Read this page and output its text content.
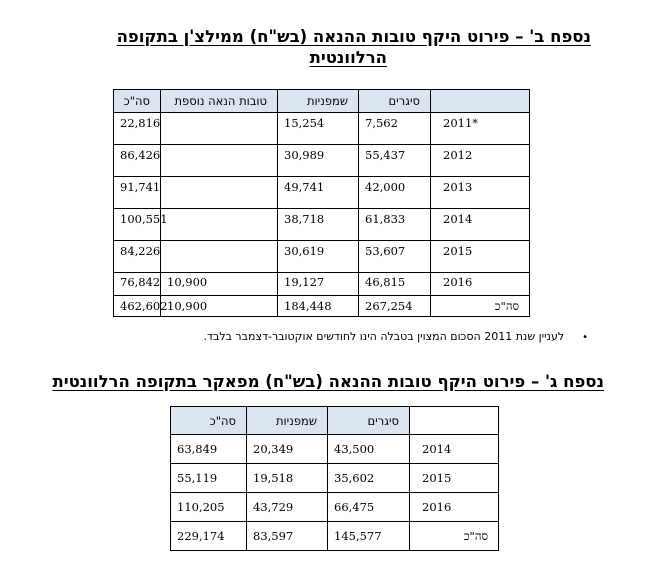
נספח ב' – פירוט היקף טובות ההנאה (בש"ח) ממילצ'ן בתקופה

הרלוונטית

	סיגרים	שמפניות	טובות הנאה נוספת	סה"כ
2011*	7,562	15,254		22,816
2012	55,437	30,989		86,426
2013	42,000	49,741		91,741
2014	61,833	38,718		100,551
2015	53,607	30,619		84,226
2016	46,815	19,127	10,900	76,842
סה"כ	267,254	184,448	10,900	462,602
•לעניין שנת 2011 הסכום המצוין בטבלה הינו לחודשים אוקטובר-דצמבר בלבד.

נספח ג' – פירוט היקף טובות ההנאה (בש"ח) מפאקר בתקופה הרלוונטית

	סיגרים	שמפניות	סה"כ
2014	43,500	20,349	63,849
2015	35,602	19,518	55,119
2016	66,475	43,729	110,205
סה"כ	145,577	83,597	229,174
